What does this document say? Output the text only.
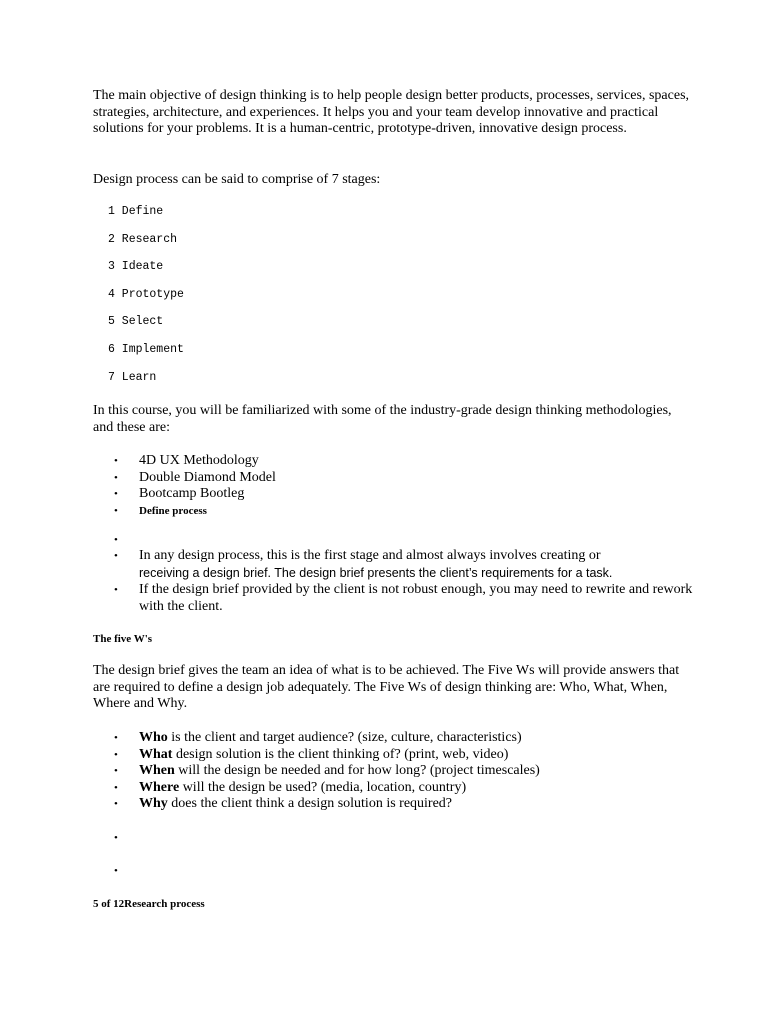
The main objective of design thinking is to help people design better products, processes, services, spaces, strategies, architecture, and experiences. It helps you and your team develop innovative and practical solutions for your problems. It is a human-centric, prototype-driven, innovative design process.

Design process can be said to comprise of 7 stages:

1 Define
2 Research
3 Ideate
4 Prototype
5 Select
6 Implement
7 Learn

In this course, you will be familiarized with some of the industry-grade design thinking methodologies, and these are:

• 4D UX Methodology
• Double Diamond Model
• Bootcamp Bootleg
• Define process
•
• In any design process, this is the first stage and almost always involves creating or
receiving a design brief. The design brief presents the client’s requirements for a task.
• If the design brief provided by the client is not robust enough, you may need to rewrite and rework with the client.

The five W's

The design brief gives the team an idea of what is to be achieved. The Five Ws will provide answers that are required to define a design job adequately. The Five Ws of design thinking are: Who, What, When, Where and Why.

• Who is the client and target audience? (size, culture, characteristics)
• What design solution is the client thinking of? (print, web, video)
• When will the design be needed and for how long? (project timescales)
• Where will the design be used? (media, location, country)
• Why does the client think a design solution is required?
•
•

5 of 12Research process
